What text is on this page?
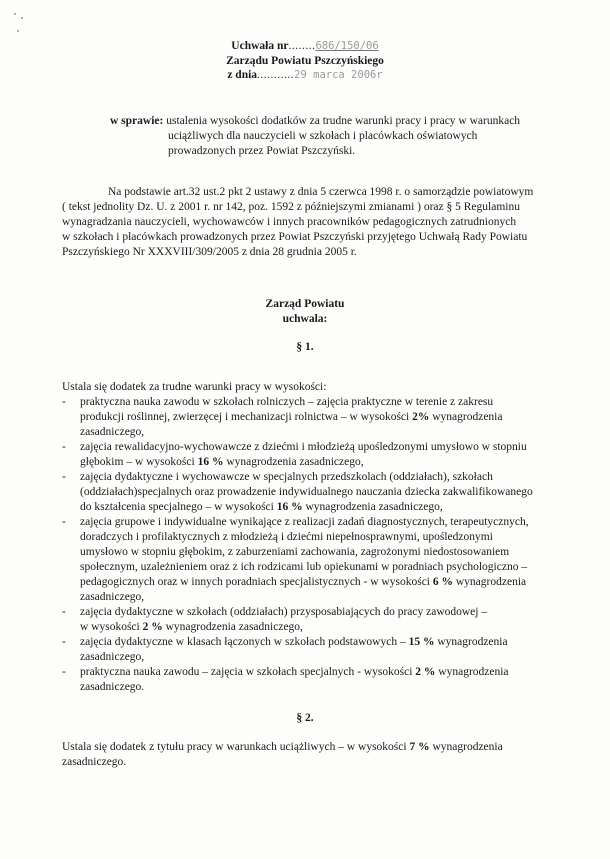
Uchwała nr........686/150/06
Zarządu Powiatu Pszczyńskiego
z dnia...........29 marca 2006r
w sprawie: ustalenia wysokości dodatków za trudne warunki pracy i pracy w warunkach
uciążliwych dla nauczycieli w szkołach i placówkach oświatowych
prowadzonych przez Powiat Pszczyński.
Na podstawie art.32 ust.2 pkt 2 ustawy z dnia 5 czerwca 1998 r. o samorządzie powiatowym
( tekst jednolity Dz. U. z 2001 r. nr 142, poz. 1592 z późniejszymi zmianami ) oraz § 5 Regulaminu
wynagradzania nauczycieli, wychowawców i innych pracowników pedagogicznych zatrudnionych
w szkołach i placówkach prowadzonych przez Powiat Pszczyński przyjętego Uchwałą Rady Powiatu
Pszczyńskiego Nr XXXVIII/309/2005 z dnia 28 grudnia 2005 r.
Zarząd Powiatu
uchwala:
§ 1.
Ustala się dodatek za trudne warunki pracy w wysokości:
- praktyczna nauka zawodu w szkołach rolniczych – zajęcia praktyczne w terenie z zakresu
produkcji roślinnej, zwierzęcej i mechanizacji rolnictwa – w wysokości 2% wynagrodzenia
zasadniczego,
- zajęcia rewalidacyjno-wychowawcze z dziećmi i młodzieżą upośledzonymi umysłowo w stopniu
głębokim – w wysokości 16 % wynagrodzenia zasadniczego,
- zajęcia dydaktyczne i wychowawcze w specjalnych przedszkolach (oddziałach), szkołach
(oddziałach)specjalnych oraz prowadzenie indywidualnego nauczania dziecka zakwalifikowanego
do kształcenia specjalnego – w wysokości 16 % wynagrodzenia zasadniczego,
- zajęcia grupowe i indywidualne wynikające z realizacji zadań diagnostycznych, terapeutycznych,
doradczych i profilaktycznych z młodzieżą i dziećmi niepełnosprawnymi, upośledzonymi
umysłowo w stopniu głębokim, z zaburzeniami zachowania, zagrożonymi niedostosowaniem
społecznym, uzależnieniem oraz z ich rodzicami lub opiekunami w poradniach psychologiczno –
pedagogicznych oraz w innych poradniach specjalistycznych - w wysokości 6 % wynagrodzenia
zasadniczego,
- zajęcia dydaktyczne w szkołach (oddziałach) przysposabiających do pracy zawodowej –
w wysokości 2 % wynagrodzenia zasadniczego,
- zajęcia dydaktyczne w klasach łączonych w szkołach podstawowych – 15 % wynagrodzenia
zasadniczego,
- praktyczna nauka zawodu – zajęcia w szkołach specjalnych - wysokości 2 % wynagrodzenia
zasadniczego.
§ 2.
Ustala się dodatek z tytułu pracy w warunkach uciążliwych – w wysokości 7 % wynagrodzenia
zasadniczego.
